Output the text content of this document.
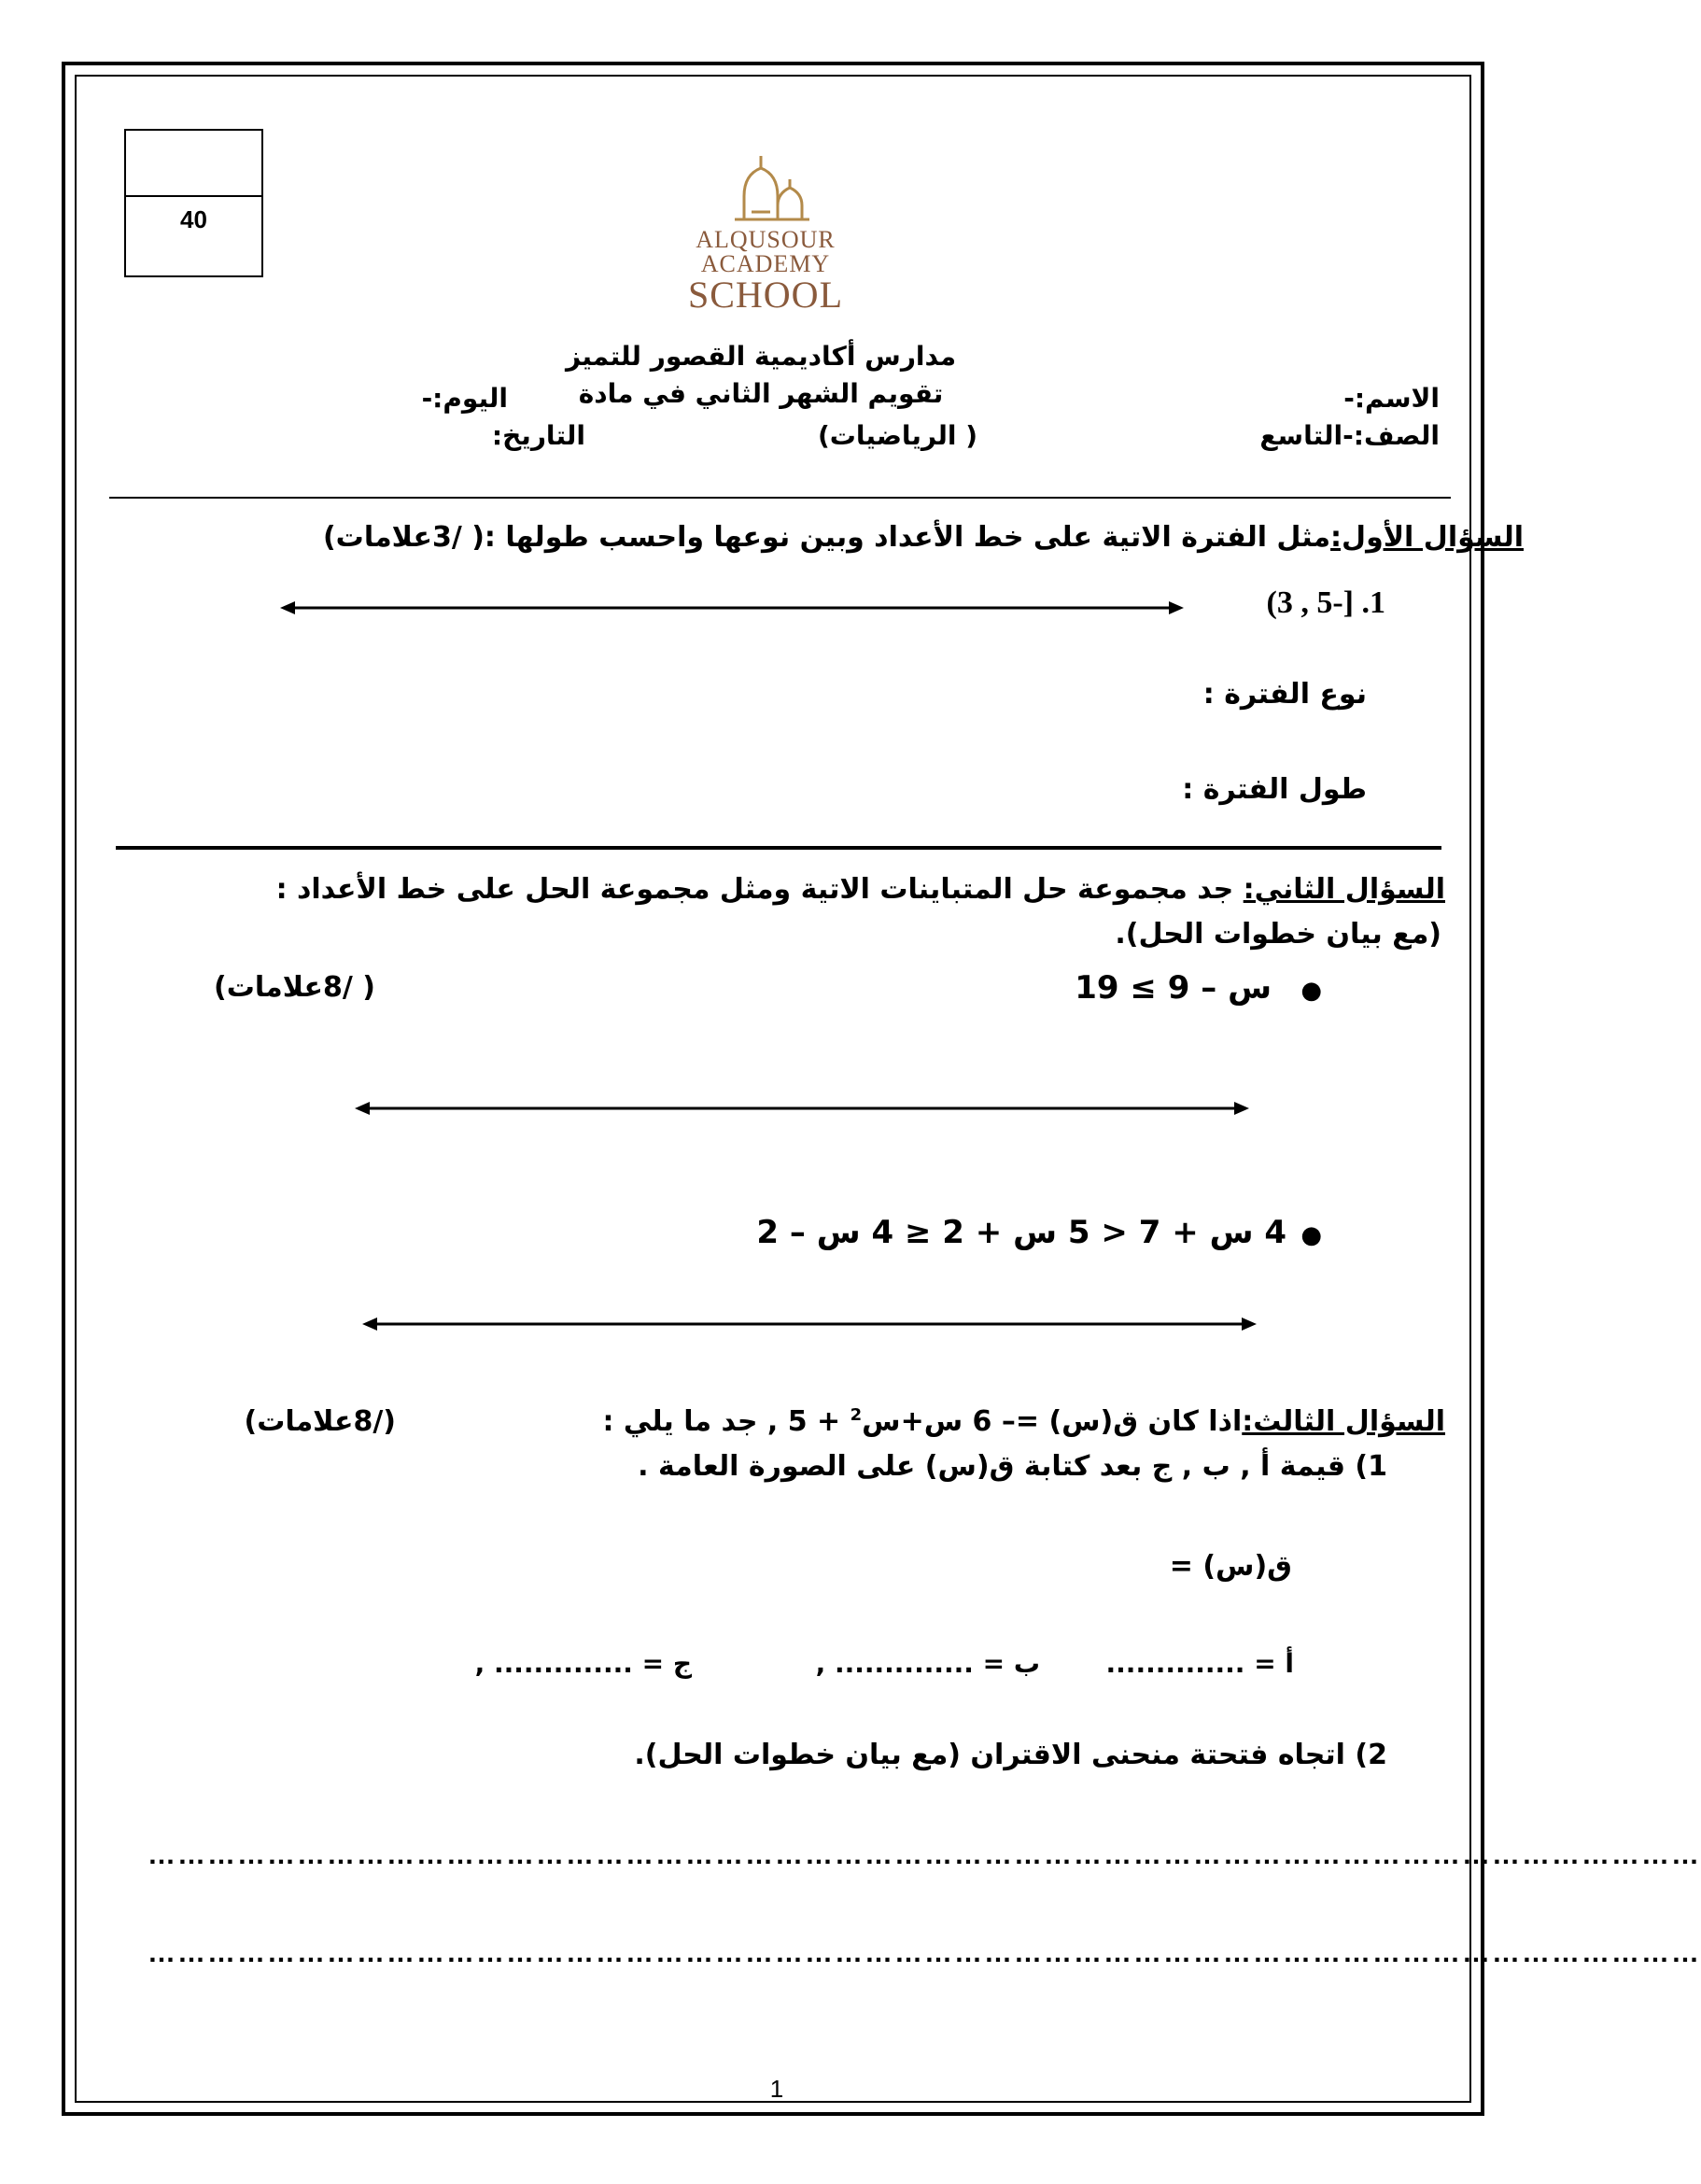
40
ALQUSOUR
ACADEMY
SCHOOL
مدارس أكاديمية القصور للتميز
تقويم الشهر الثاني في مادة
اليوم:-	الاسم:-
الصف:-التاسع
( الرياضيات)
التاريخ:
السؤال الأول:مثل الفترة الاتية على خط الأعداد وبين نوعها واحسب طولها :( /3علامات)
1. [-5 , 3)
نوع الفترة :
طول الفترة :
السؤال الثاني: جد مجموعة حل المتباينات الاتية ومثل مجموعة الحل على خط الأعداد :
(مع بيان خطوات الحل).
●
س – 9 ≥ 19
( /8علامات)
●
4 س + 7 < 5 س + 2 ≤ 4 س – 2
السؤال الثالث:اذا كان ق(س) =– 6 س+س$^2$ + 5 , جد ما يلي :
(/8علامات)
1) قيمة أ , ب , ج بعد كتابة ق(س) على الصورة العامة .
ق(س) =
أ = ..............
ب = .............. ,
ج = .............. ,
2) اتجاه فتحتة منحنى الاقتران (مع بيان خطوات الحل).
…………………………………………………………………………………………………………………………………………
…………………………………………………………………………………………………………………………………………
1
